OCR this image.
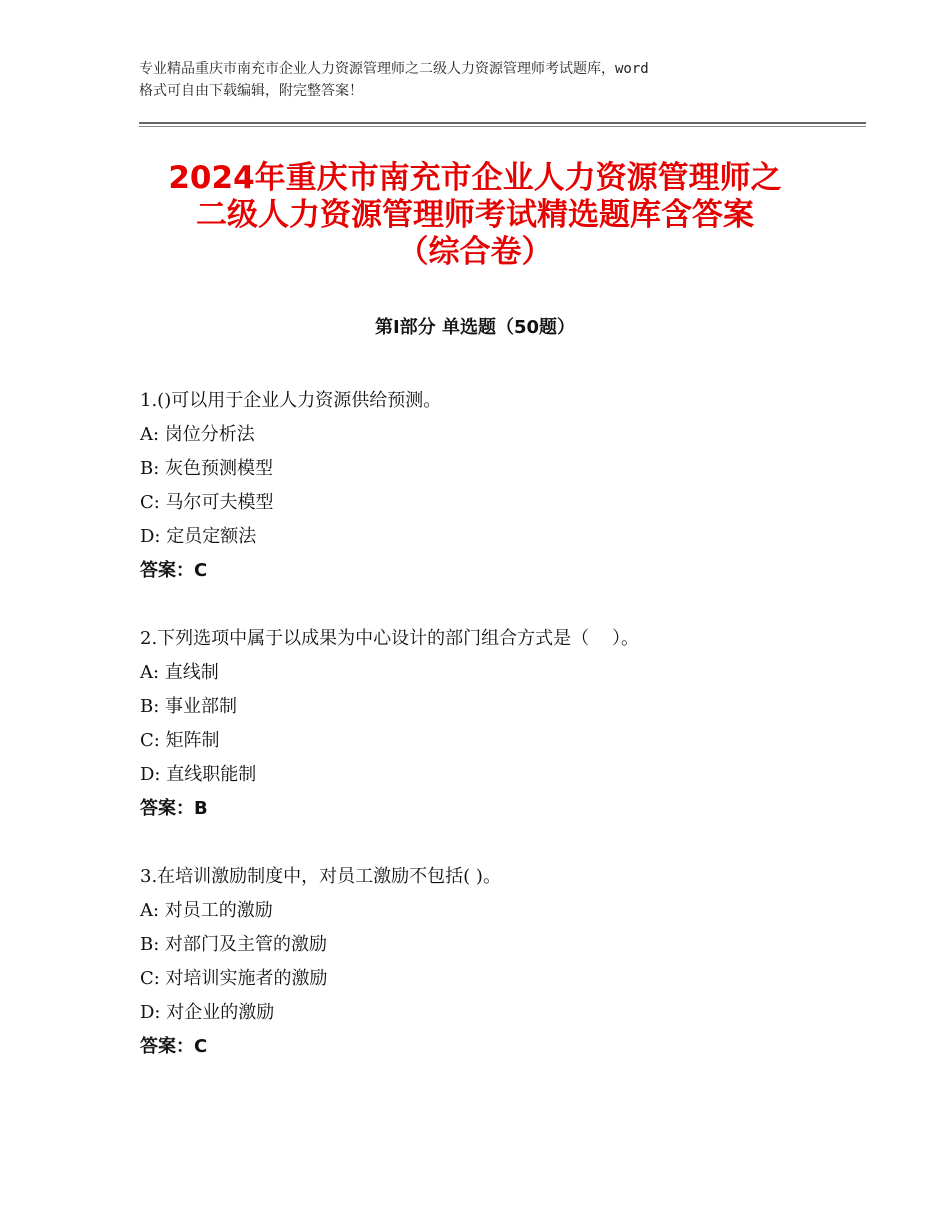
专业精品重庆市南充市企业人力资源管理师之二级人力资源管理师考试题库，word
格式可自由下载编辑，附完整答案！
2024年重庆市南充市企业人力资源管理师之
二级人力资源管理师考试精选题库含答案
（综合卷）
第Ⅰ部分 单选题（50题）
1.()可以用于企业人力资源供给预测。
A: 岗位分析法
B: 灰色预测模型
C: 马尔可夫模型
D: 定员定额法
答案：C
2.下列选项中属于以成果为中心设计的部门组合方式是（    ）。
A: 直线制
B: 事业部制
C: 矩阵制
D: 直线职能制
答案：B
3.在培训激励制度中，对员工激励不包括( )。
A: 对员工的激励
B: 对部门及主管的激励
C: 对培训实施者的激励
D: 对企业的激励
答案：C
